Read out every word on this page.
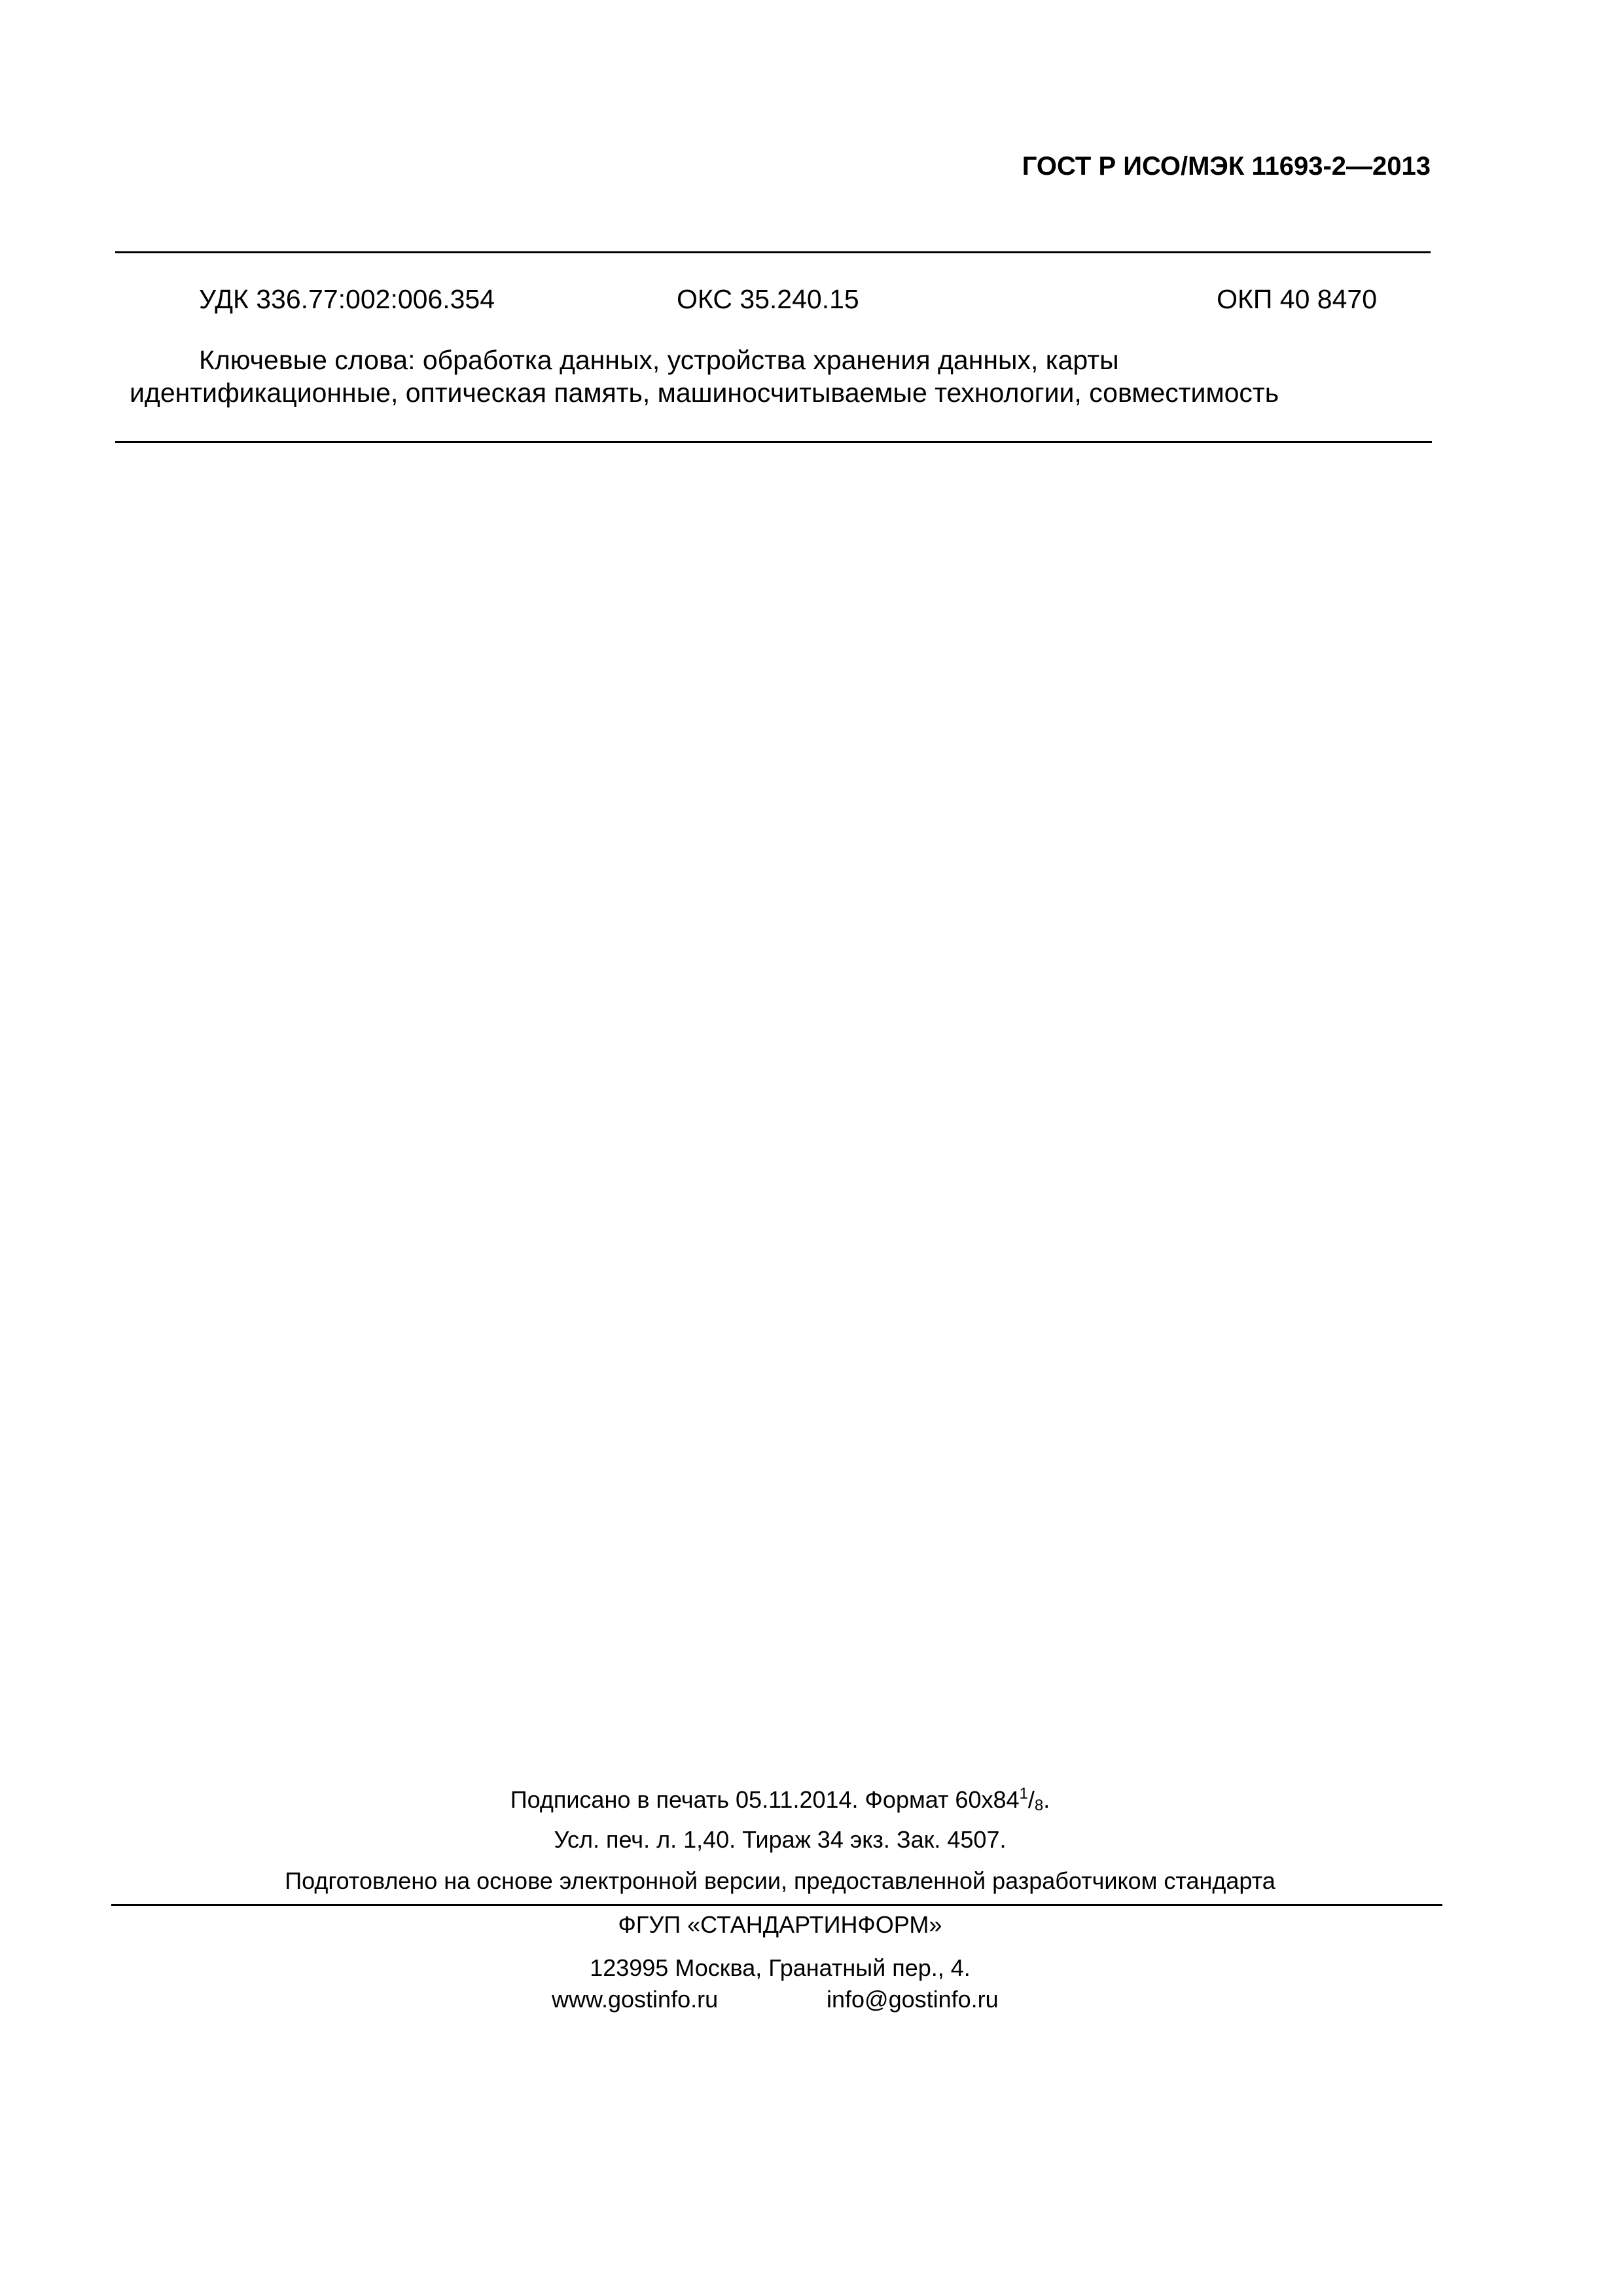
ГОСТ Р ИСО/МЭК 11693-2—2013
УДК 336.77:002:006.354	ОКС 35.240.15	ОКП 40 8470
Ключевые слова: обработка данных, устройства хранения данных, карты
идентификационные, оптическая память, машиносчитываемые технологии, совместимость
Подписано в печать 05.11.2014. Формат $60х84^1/_8$.
Усл. печ. л. 1,40. Тираж 34 экз. Зак. 4507.
Подготовлено на основе электронной версии, предоставленной разработчиком стандарта
ФГУП «СТАНДАРТИНФОРМ»
123995 Москва, Гранатный пер., 4.
www.gostinfo.ru	info@gostinfo.ru
